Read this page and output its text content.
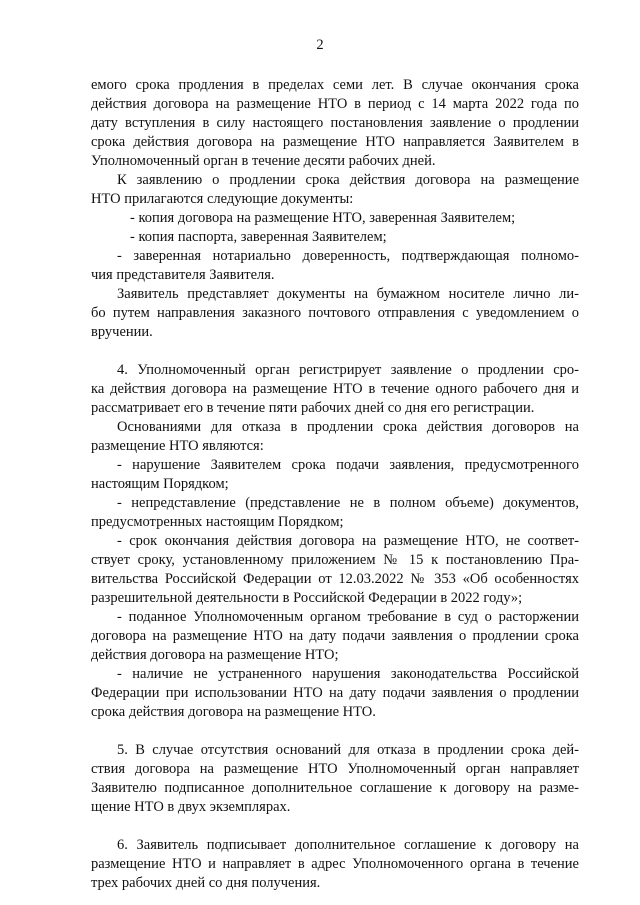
2
емого срока продления в пределах семи лет. В случае окончания срока
действия договора на размещение НТО в период с 14 марта 2022 года по
дату вступления в силу настоящего постановления заявление о продлении
срока действия договора на размещение НТО направляется Заявителем в
Уполномоченный орган в течение десяти рабочих дней.
К заявлению о продлении срока действия договора на размещение
НТО прилагаются следующие документы:
- копия договора на размещение НТО, заверенная Заявителем;
- копия паспорта, заверенная Заявителем;
- заверенная нотариально доверенность, подтверждающая полномо-
чия представителя Заявителя.
Заявитель представляет документы на бумажном носителе лично ли-
бо путем направления заказного почтового отправления с уведомлением о
вручении.
4. Уполномоченный орган регистрирует заявление о продлении сро-
ка действия договора на размещение НТО в течение одного рабочего дня и
рассматривает его в течение пяти рабочих дней со дня его регистрации.
Основаниями для отказа в продлении срока действия договоров на
размещение НТО являются:
- нарушение Заявителем срока подачи заявления, предусмотренного
настоящим Порядком;
- непредставление (представление не в полном объеме) документов,
предусмотренных настоящим Порядком;
- срок окончания действия договора на размещение НТО, не соответ-
ствует сроку, установленному приложением № 15 к постановлению Пра-
вительства Российской Федерации от 12.03.2022 № 353 «Об особенностях
разрешительной деятельности в Российской Федерации в 2022 году»;
- поданное Уполномоченным органом требование в суд о расторжении
договора на размещение НТО на дату подачи заявления о продлении срока
действия договора на размещение НТО;
- наличие не устраненного нарушения законодательства Российской
Федерации при использовании НТО на дату подачи заявления о продлении
срока действия договора на размещение НТО.
5. В случае отсутствия оснований для отказа в продлении срока дей-
ствия договора на размещение НТО Уполномоченный орган направляет
Заявителю подписанное дополнительное соглашение к договору на разме-
щение НТО в двух экземплярах.
6. Заявитель подписывает дополнительное соглашение к договору на
размещение НТО и направляет в адрес Уполномоченного органа в течение
трех рабочих дней со дня получения.
